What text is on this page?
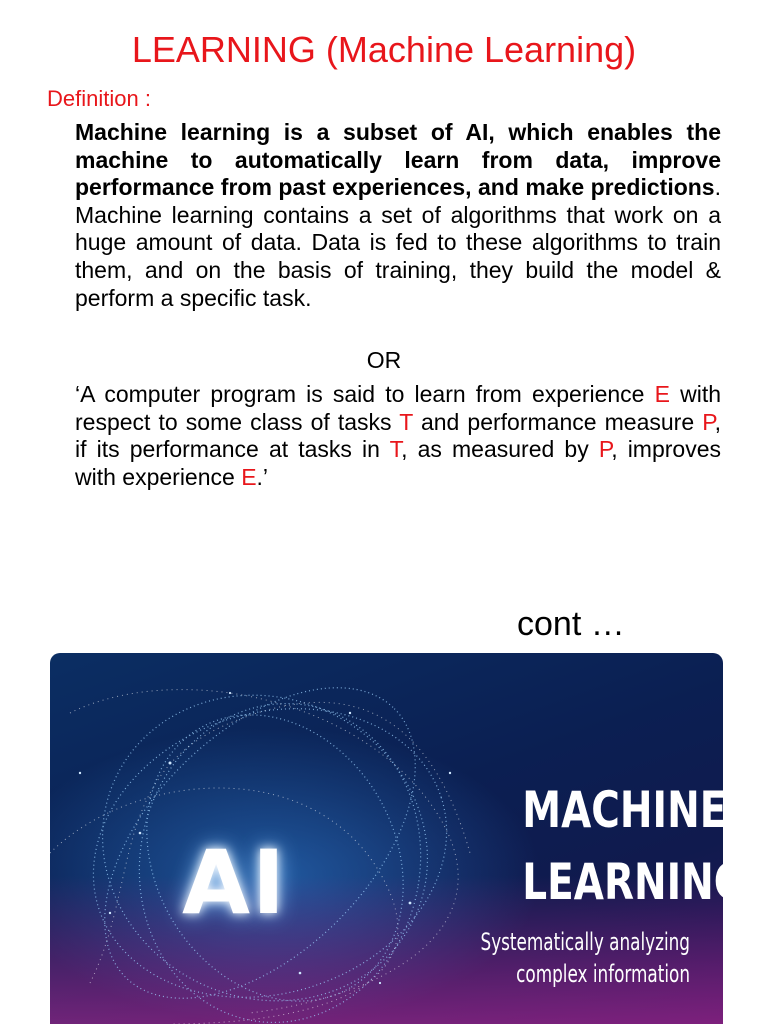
LEARNING (Machine Learning)
Definition :
Machine learning is a subset of AI, which enables the machine to automatically learn from data, improve performance from past experiences, and make predictions. Machine learning contains a set of algorithms that work on a huge amount of data. Data is fed to these algorithms to train them, and on the basis of training, they build the model & perform a specific task.
OR
‘A computer program is said to learn from experience E with respect to some class of tasks T and performance measure P, if its performance at tasks in T, as measured by P, improves with experience E.’
cont …
AI
MACHINE
LEARNING
Systematically analyzing
complex information
